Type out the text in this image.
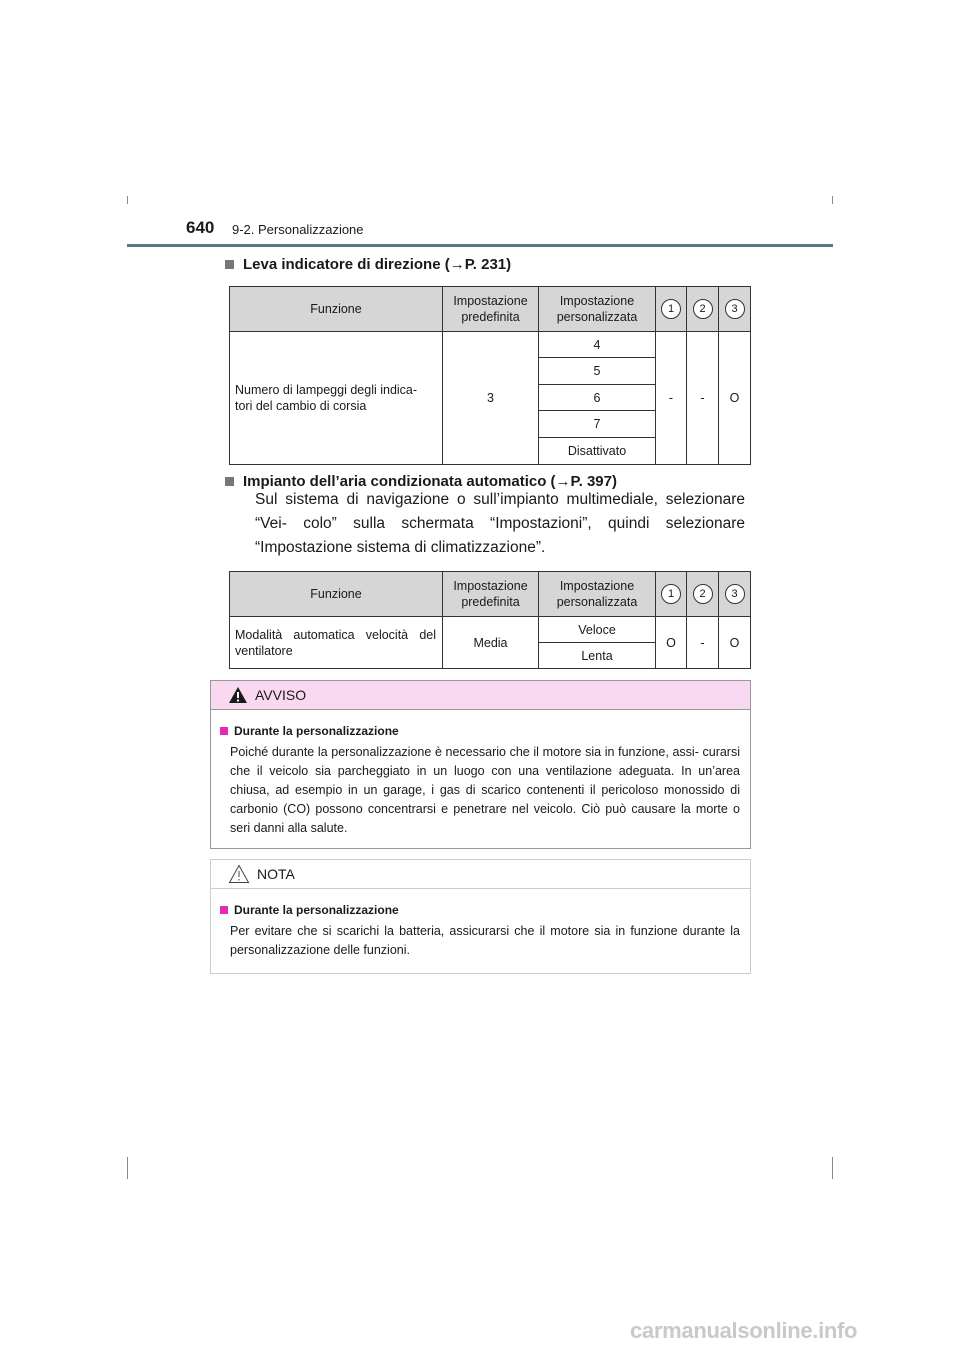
640 9-2. Personalizzazione
Leva indicatore di direzione (→P. 231)
Funzione	Impostazione predefinita	Impostazione personalizzata	1	2	3
Numero di lampeggi degli indica- tori del cambio di corsia	3	4	-	-	O
		5			
		6			
		7			
		Disattivato			
Impianto dell’aria condizionata automatico (→P. 397)
Sul sistema di navigazione o sull’impianto multimediale, selezionare “Vei- colo” sulla schermata “Impostazioni”, quindi selezionare “Impostazione sistema di climatizzazione”.
Funzione	Impostazione predefinita	Impostazione personalizzata	1	2	3
Modalità automatica velocità del ventilatore	Media	Veloce	O	-	O
		Lenta			
AVVISO
Durante la personalizzazione
Poiché durante la personalizzazione è necessario che il motore sia in funzione, assi- curarsi che il veicolo sia parcheggiato in un luogo con una ventilazione adeguata. In un’area chiusa, ad esempio in un garage, i gas di scarico contenenti il pericoloso monossido di carbonio (CO) possono concentrarsi e penetrare nel veicolo. Ciò può causare la morte o seri danni alla salute.
NOTA
Durante la personalizzazione
Per evitare che si scarichi la batteria, assicurarsi che il motore sia in funzione durante la personalizzazione delle funzioni.
carmanualsonline.info
